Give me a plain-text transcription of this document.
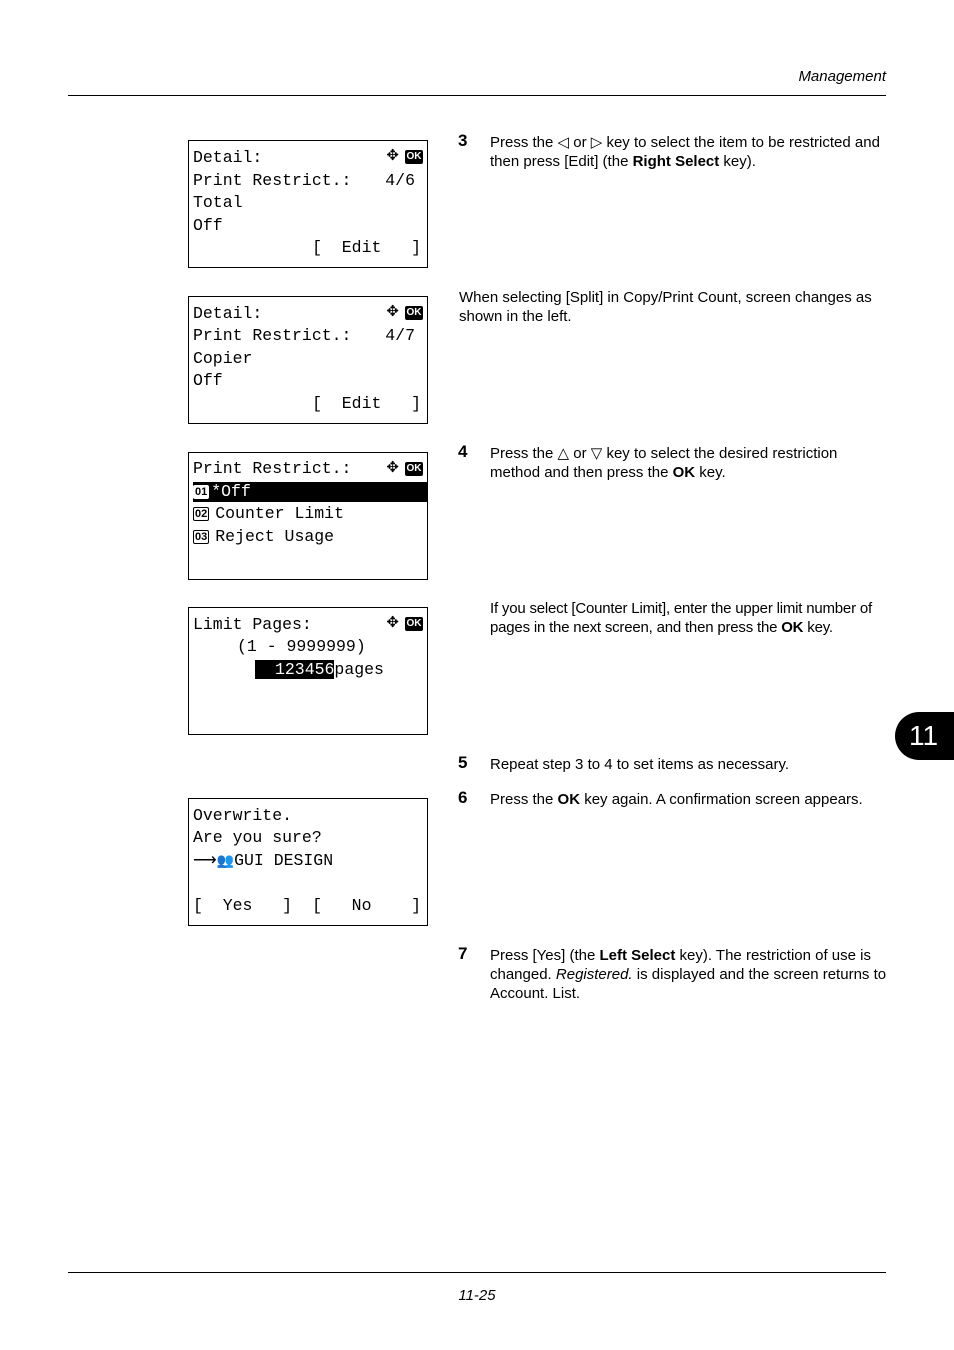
Management
✥ OK
Detail:
Print Restrict.: 4/6
Total
Off
[  Edit   ]
✥ OK
Detail:
Print Restrict.: 4/7
Copier
Off
[  Edit   ]
✥ OK
Print Restrict.:
01 *Off
02 Counter Limit
03 Reject Usage
✥ OK
Limit Pages:
(1 - 9999999)
123456pages
Overwrite.
Are you sure?
⟶👥GUI DESIGN
[  Yes   ] [   No    ]
3 Press the ◁ or ▷ key to select the item to be restricted and then press [Edit] (the Right Select key).
When selecting [Split] in Copy/Print Count, screen changes as shown in the left.
4 Press the △ or ▽ key to select the desired restriction method and then press the OK key.
If you select [Counter Limit], enter the upper limit number of pages in the next screen, and then press the OK key.
5 Repeat step 3 to 4 to set items as necessary.
6 Press the OK key again. A confirmation screen appears.
7 Press [Yes] (the Left Select key). The restriction of use is changed. Registered. is displayed and the screen returns to Account. List.
11
11-25
